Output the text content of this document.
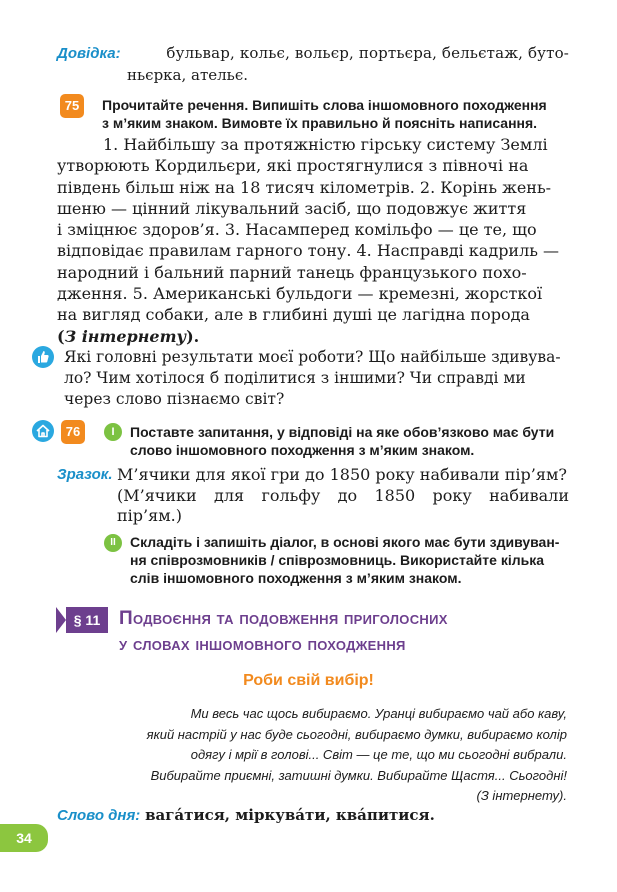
Довідка:	бульвар, кольє, вольєр, портьєра, бельєтаж, буто-
ньєрка, ательє.
75	Прочитайте речення. Випишіть слова іншомовного походження
з м’яким знаком. Вимовте їх правильно й поясніть написання.
1. Найбільшу за протяжністю гірську систему Землі
утворюють Кордильєри, які простягнулися з півночі на
південь більш ніж на 18 тисяч кілометрів. 2. Корінь жень-
шеню — цінний лікувальний засіб, що подовжує життя
і зміцнює здоров’я. 3. Насамперед комільфо — це те, що
відповідає правилам гарного тону. 4. Насправді кадриль —
народний і бальний парний танець французького похо-
дження. 5. Американські бульдоги — кремезні, жорсткої
на вигляд собаки, але в глибині душі це лагідна порода
(З інтернету).
Які головні результати моєї роботи? Що найбільше здивува-
ло? Чим хотілося б поділитися з іншими? Чи справді ми
через слово пізнаємо світ?
76	I	Поставте запитання, у відповіді на яке обов’язково має бути
слово іншомовного походження з м’яким знаком.
Зразок. М’ячики для якої гри до 1850 року набивали пір’ям?
(М’ячики для гольфу до 1850 року набивали
пір’ям.)
II	Складіть і запишіть діалог, в основі якого має бути здивуван-
ня співрозмовників / співрозмовниць. Використайте кілька
слів іншомовного походження з м’яким знаком.
§ 11 Подвоєння та подовження приголосних
у словах іншомовного походження
Роби свій вибір!
Ми весь час щось вибираємо. Уранці вибираємо чай або каву,
який настрій у нас буде сьогодні, вибираємо думки, вибираємо колір
одягу і мрії в голові... Світ — це те, що ми сьогодні вибрали.
Вибирайте приємні, затишні думки. Вибирайте Щастя... Сьогодні!
(З інтернету).
Слово дня: вагáтися, міркувáти, квáпитися.
34
